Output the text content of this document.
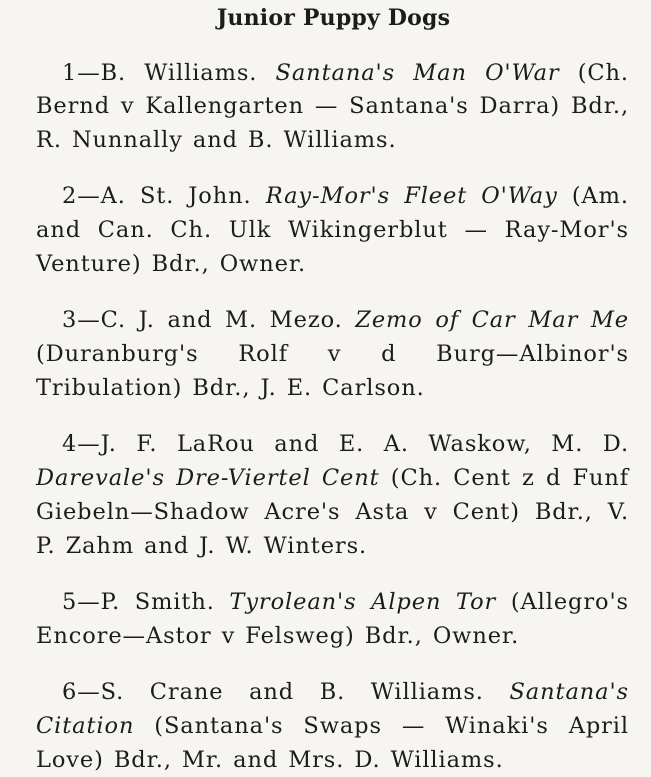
Junior Puppy Dogs

1—B. Williams. Santana's Man O'War (Ch. Bernd v Kallengarten — Santana's Darra) Bdr., R. Nunnally and B. Williams.

2—A. St. John. Ray-Mor's Fleet O'Way (Am. and Can. Ch. Ulk Wikingerblut — Ray-Mor's Venture) Bdr., Owner.

3—C. J. and M. Mezo. Zemo of Car Mar Me (Duranburg's Rolf v d Burg—Albinor's Tribulation) Bdr., J. E. Carlson.

4—J. F. LaRou and E. A. Waskow, M. D. Darevale's Dre-Viertel Cent (Ch. Cent z d Funf Giebeln—Shadow Acre's Asta v Cent) Bdr., V. P. Zahm and J. W. Winters.

5—P. Smith. Tyrolean's Alpen Tor (Allegro's Encore—Astor v Felsweg) Bdr., Owner.

6—S. Crane and B. Williams. Santana's Citation (Santana's Swaps — Winaki's April Love) Bdr., Mr. and Mrs. D. Williams.
